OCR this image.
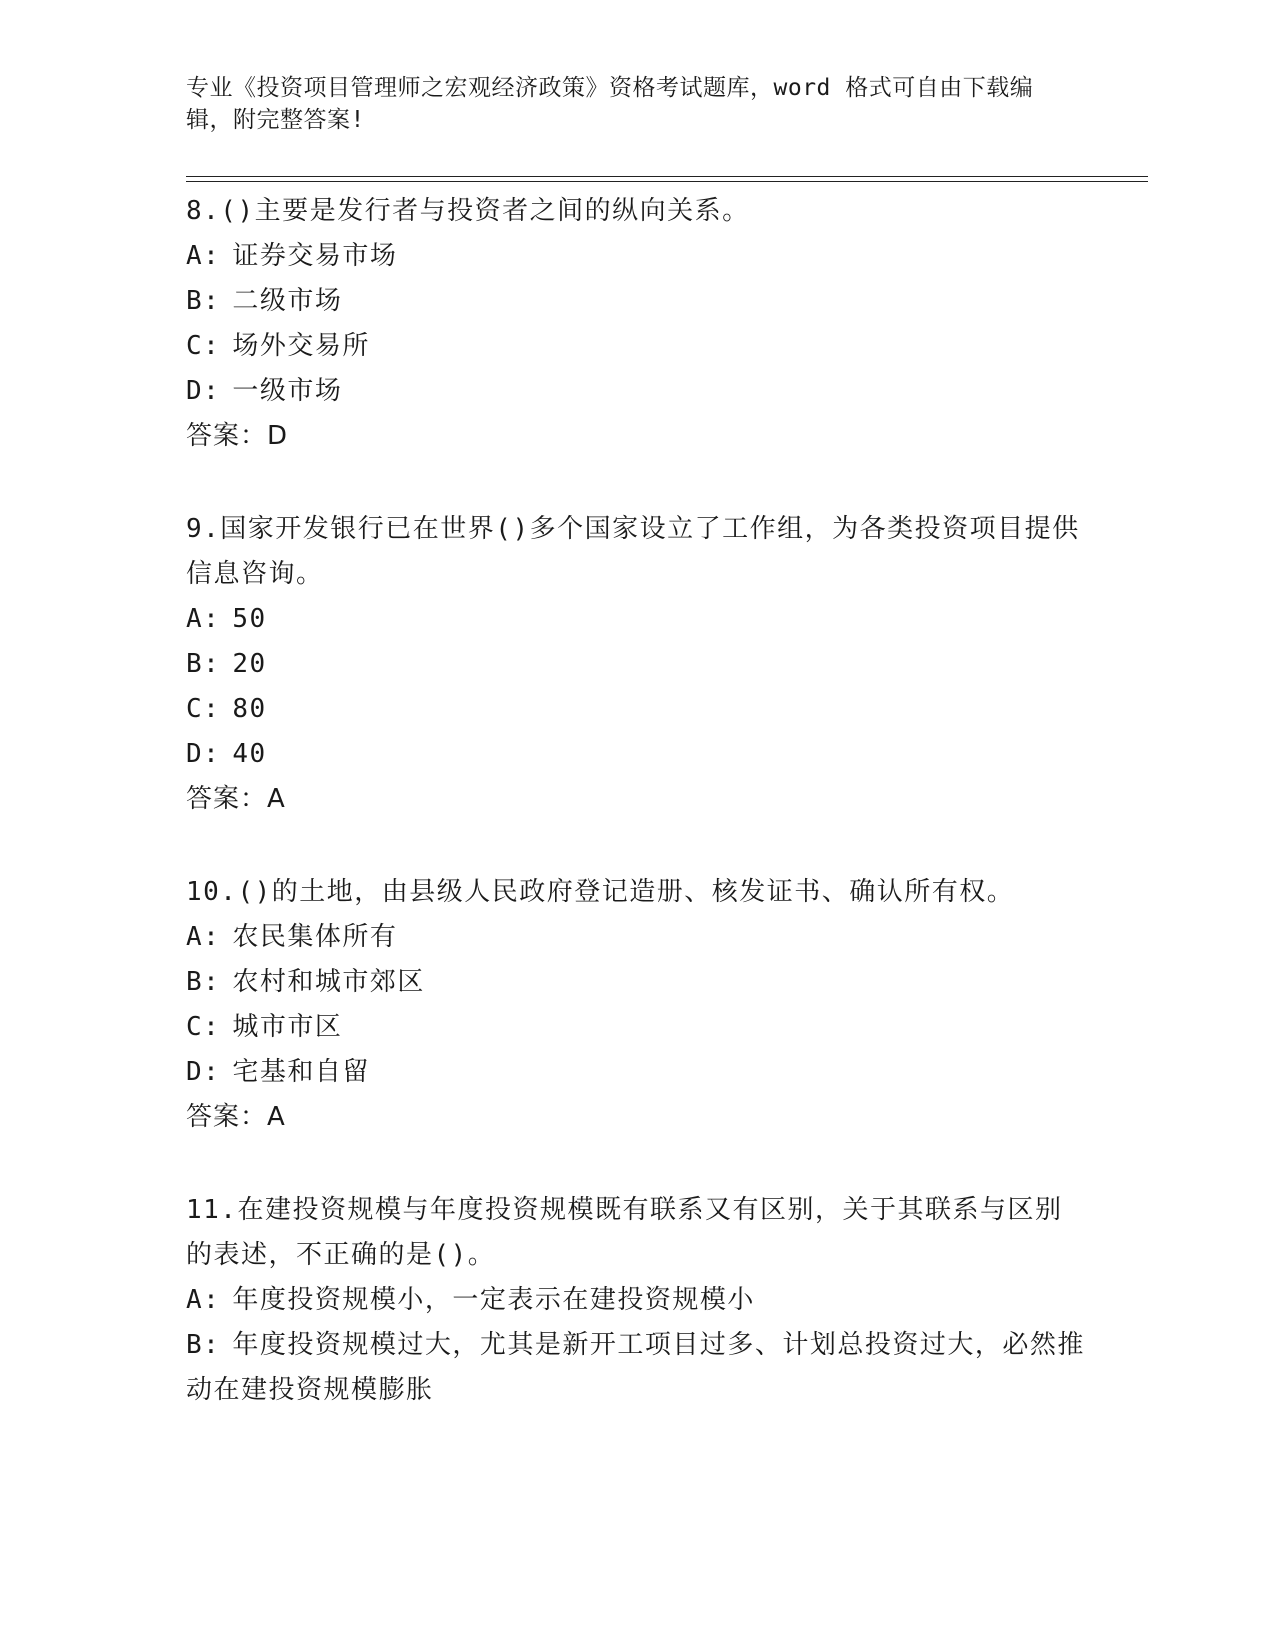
专业《投资项目管理师之宏观经济政策》资格考试题库，word 格式可自由下载编辑，附完整答案!

8.()主要是发行者与投资者之间的纵向关系。

A: 证券交易市场

B: 二级市场

C: 场外交易所

D: 一级市场

答案：D

9.国家开发银行已在世界()多个国家设立了工作组，为各类投资项目提供信息咨询。

A: 50

B: 20

C: 80

D: 40

答案：A

10.()的土地，由县级人民政府登记造册、核发证书、确认所有权。

A: 农民集体所有

B: 农村和城市郊区

C: 城市市区

D: 宅基和自留

答案：A

11.在建投资规模与年度投资规模既有联系又有区别，关于其联系与区别的表述，不正确的是()。

A: 年度投资规模小，一定表示在建投资规模小

B: 年度投资规模过大，尤其是新开工项目过多、计划总投资过大，必然推动在建投资规模膨胀
